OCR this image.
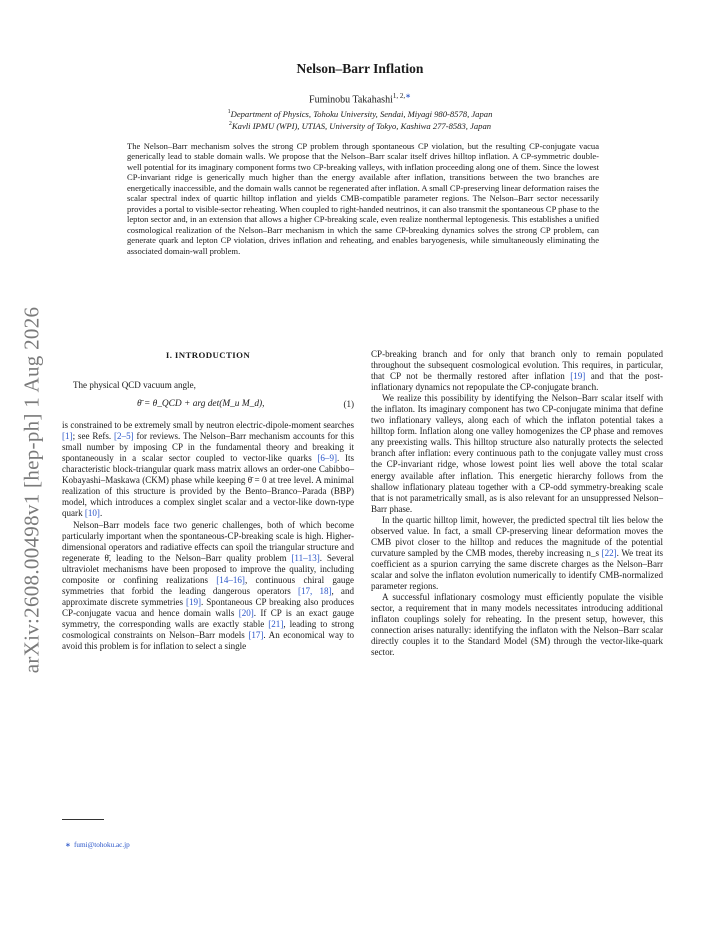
arXiv:2608.00498v1 [hep-ph] 1 Aug 2026
Nelson–Barr Inflation
Fuminobu Takahashi$^{1, 2,∗}$
$^1$Department of Physics, Tohoku University, Sendai, Miyagi 980-8578, Japan
$^2$Kavli IPMU (WPI), UTIAS, University of Tokyo, Kashiwa 277-8583, Japan
The Nelson–Barr mechanism solves the strong CP problem through spontaneous CP violation, but the resulting CP-conjugate vacua generically lead to stable domain walls. We propose that the Nelson–Barr scalar itself drives hilltop inflation. A CP-symmetric double-well potential for its imaginary component forms two CP-breaking valleys, with inflation proceeding along one of them. Since the lowest CP-invariant ridge is generically much higher than the energy available after inflation, transitions between the two branches are energetically inaccessible, and the domain walls cannot be regenerated after inflation. A small CP-preserving linear deformation raises the scalar spectral index of quartic hilltop inflation and yields CMB-compatible parameter regions. The Nelson–Barr sector necessarily provides a portal to visible-sector reheating. When coupled to right-handed neutrinos, it can also transmit the spontaneous CP phase to the lepton sector and, in an extension that allows a higher CP-breaking scale, even realize nonthermal leptogenesis. This establishes a unified cosmological realization of the Nelson–Barr mechanism in which the same CP-breaking dynamics solves the strong CP problem, can generate quark and lepton CP violation, drives inflation and reheating, and enables baryogenesis, while simultaneously eliminating the associated domain-wall problem.
I. INTRODUCTION

The physical QCD vacuum angle,

θ̄ = θ_QCD + arg det(M_u M_d),	(1)

is constrained to be extremely small by neutron electric-dipole-moment searches [1]; see Refs. [2–5] for reviews. The Nelson–Barr mechanism accounts for this small number by imposing CP in the fundamental theory and breaking it spontaneously in a scalar sector coupled to vector-like quarks [6–9]. Its characteristic block-triangular quark mass matrix allows an order-one Cabibbo–Kobayashi–Maskawa (CKM) phase while keeping θ̄ = 0 at tree level. A minimal realization of this structure is provided by the Bento–Branco–Parada (BBP) model, which introduces a complex singlet scalar and a vector-like down-type quark [10].

Nelson–Barr models face two generic challenges, both of which become particularly important when the spontaneous-CP-breaking scale is high. Higher-dimensional operators and radiative effects can spoil the triangular structure and regenerate θ̄, leading to the Nelson–Barr quality problem [11–13]. Several ultraviolet mechanisms have been proposed to improve the quality, including composite or confining realizations [14–16], continuous chiral gauge symmetries that forbid the leading dangerous operators [17, 18], and approximate discrete symmetries [19]. Spontaneous CP breaking also produces CP-conjugate vacua and hence domain walls [20]. If CP is an exact gauge symmetry, the corresponding walls are exactly stable [21], leading to strong cosmological constraints on Nelson–Barr models [17]. An economical way to avoid this problem is for inflation to select a single

CP-breaking branch and for only that branch only to remain populated throughout the subsequent cosmological evolution. This requires, in particular, that CP not be thermally restored after inflation [19] and that the post-inflationary dynamics not repopulate the CP-conjugate branch.

We realize this possibility by identifying the Nelson–Barr scalar itself with the inflaton. Its imaginary component has two CP-conjugate minima that define two inflationary valleys, along each of which the inflaton potential takes a hilltop form. Inflation along one valley homogenizes the CP phase and removes any preexisting walls. This hilltop structure also naturally protects the selected branch after inflation: every continuous path to the conjugate valley must cross the CP-invariant ridge, whose lowest point lies well above the total scalar energy available after inflation. This energetic hierarchy follows from the shallow inflationary plateau together with a CP-odd symmetry-breaking scale that is not parametrically small, as is also relevant for an unsuppressed Nelson–Barr phase.

In the quartic hilltop limit, however, the predicted spectral tilt lies below the observed value. In fact, a small CP-preserving linear deformation moves the CMB pivot closer to the hilltop and reduces the magnitude of the potential curvature sampled by the CMB modes, thereby increasing n_s [22]. We treat its coefficient as a spurion carrying the same discrete charges as the Nelson–Barr scalar and solve the inflaton evolution numerically to identify CMB-normalized parameter regions.

A successful inflationary cosmology must efficiently populate the visible sector, a requirement that in many models necessitates introducing additional inflaton couplings solely for reheating. In the present setup, however, this connection arises naturally: identifying the inflaton with the Nelson–Barr scalar directly couples it to the Standard Model (SM) through the vector-like-quark sector.

∗ fumi@tohoku.ac.jp
